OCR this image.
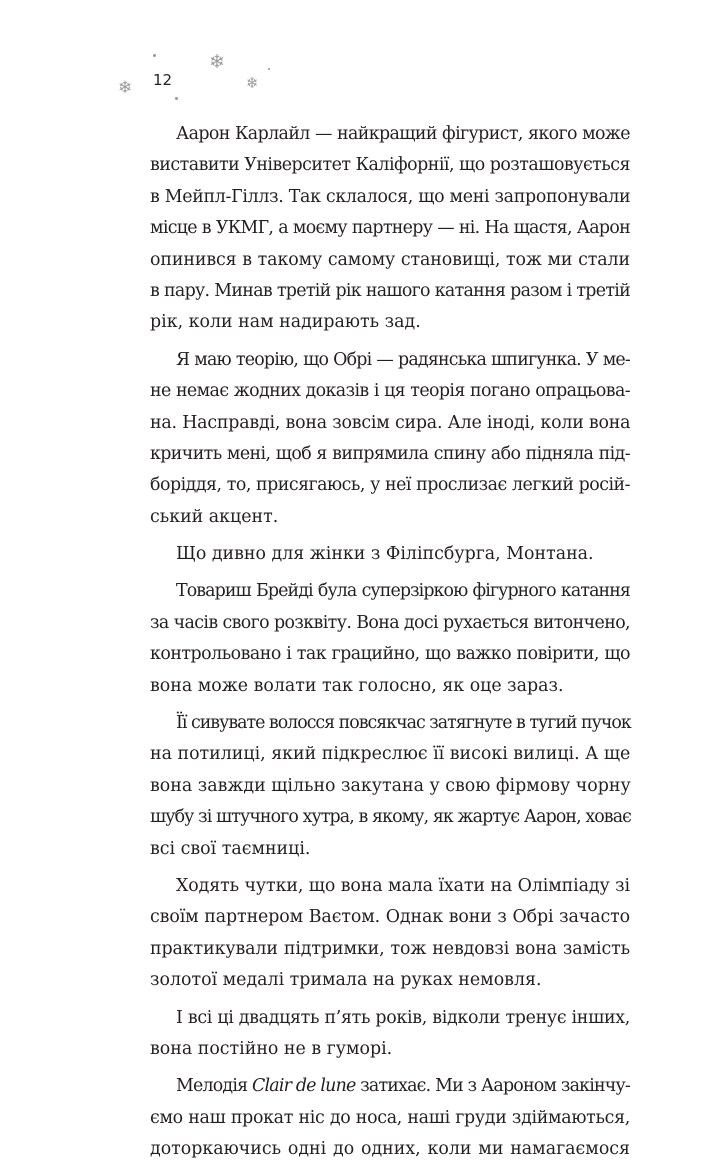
❄
❄
❄
12
Аарон Карлайл — найкращий фігурист, якого може
виставити Університет Каліфорнії, що розташовується
в Мейпл-Гіллз. Так склалося, що мені запропонували
місце в УКМГ, а моєму партнеру — ні. На щастя, Аарон
опинився в такому самому становищі, тож ми стали
в пару. Минав третій рік нашого катання разом і третій
рік, коли нам надирають зад.
Я маю теорію, що Обрі — радянська шпигунка. У ме-
не немає жодних доказів і ця теорія погано опрацьова-
на. Насправді, вона зовсім сира. Але іноді, коли вона
кричить мені, щоб я випрямила спину або підняла під-
боріддя, то, присягаюсь, у неї прослизає легкий росій-
ський акцент.
Що дивно для жінки з Філіпсбурга, Монтана.
Товариш Брейді була суперзіркою фігурного катання
за часів свого розквіту. Вона досі рухається витончено,
контрольовано і так грацийно, що важко повірити, що
вона може волати так голосно, як оце зараз.
Її сивувате волосся повсякчас затягнуте в тугий пучок
на потилиці, який підкреслює її високі вилиці. А ще
вона завжди щільно закутана у свою фірмову чорну
шубу зі штучного хутра, в якому, як жартує Аарон, ховає
всі свої таємниці.
Ходять чутки, що вона мала їхати на Олімпіаду зі
своїм партнером Ваєтом. Однак вони з Обрі зачасто
практикували підтримки, тож невдовзі вона замість
золотої медалі тримала на руках немовля.
І всі ці двадцять п’ять років, відколи тренує інших,
вона постійно не в гуморі.
Мелодія Clair de lune затихає. Ми з Аароном закінчу-
ємо наш прокат ніс до носа, наші груди здіймаються,
доторкаючись одні до одних, коли ми намагаємося
